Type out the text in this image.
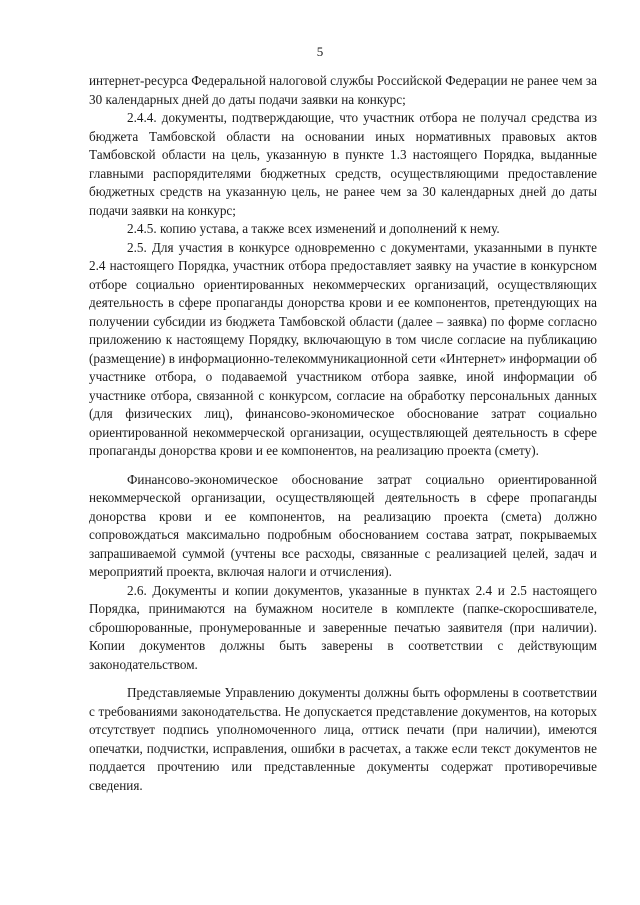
5

интернет-ресурса Федеральной налоговой службы Российской Федерации не ранее чем за 30 календарных дней до даты подачи заявки на конкурс;

2.4.4. документы, подтверждающие, что участник отбора не получал средства из бюджета Тамбовской области на основании иных нормативных правовых актов Тамбовской области на цель, указанную в пункте 1.3 настоящего Порядка, выданные главными распорядителями бюджетных средств, осуществляющими предоставление бюджетных средств на указанную цель, не ранее чем за 30 календарных дней до даты подачи заявки на конкурс;

2.4.5. копию устава, а также всех изменений и дополнений к нему.

2.5. Для участия в конкурсе одновременно с документами, указанными в пункте 2.4 настоящего Порядка, участник отбора предоставляет заявку на участие в конкурсном отборе социально ориентированных некоммерческих организаций, осуществляющих деятельность в сфере пропаганды донорства крови и ее компонентов, претендующих на получении субсидии из бюджета Тамбовской области (далее – заявка) по форме согласно приложению к настоящему Порядку, включающую в том числе согласие на публикацию (размещение) в информационно-телекоммуникационной сети «Интернет» информации об участнике отбора, о подаваемой участником отбора заявке, иной информации об участнике отбора, связанной с конкурсом, согласие на обработку персональных данных (для физических лиц), финансово-экономическое обоснование затрат социально ориентированной некоммерческой организации, осуществляющей деятельность в сфере пропаганды донорства крови и ее компонентов, на реализацию проекта (смету).

Финансово-экономическое обоснование затрат социально ориентированной некоммерческой организации, осуществляющей деятельность в сфере пропаганды донорства крови и ее компонентов, на реализацию проекта (смета) должно сопровождаться максимально подробным обоснованием состава затрат, покрываемых запрашиваемой суммой (учтены все расходы, связанные с реализацией целей, задач и мероприятий проекта, включая налоги и отчисления).

2.6. Документы и копии документов, указанные в пунктах 2.4 и 2.5 настоящего Порядка, принимаются на бумажном носителе в комплекте (папке-скоросшивателе, сброшюрованные, пронумерованные и заверенные печатью заявителя (при наличии). Копии документов должны быть заверены в соответствии с действующим законодательством.

Представляемые Управлению документы должны быть оформлены в соответствии с требованиями законодательства. Не допускается представление документов, на которых отсутствует подпись уполномоченного лица, оттиск печати (при наличии), имеются опечатки, подчистки, исправления, ошибки в расчетах, а также если текст документов не поддается прочтению или представленные документы содержат противоречивые сведения.
